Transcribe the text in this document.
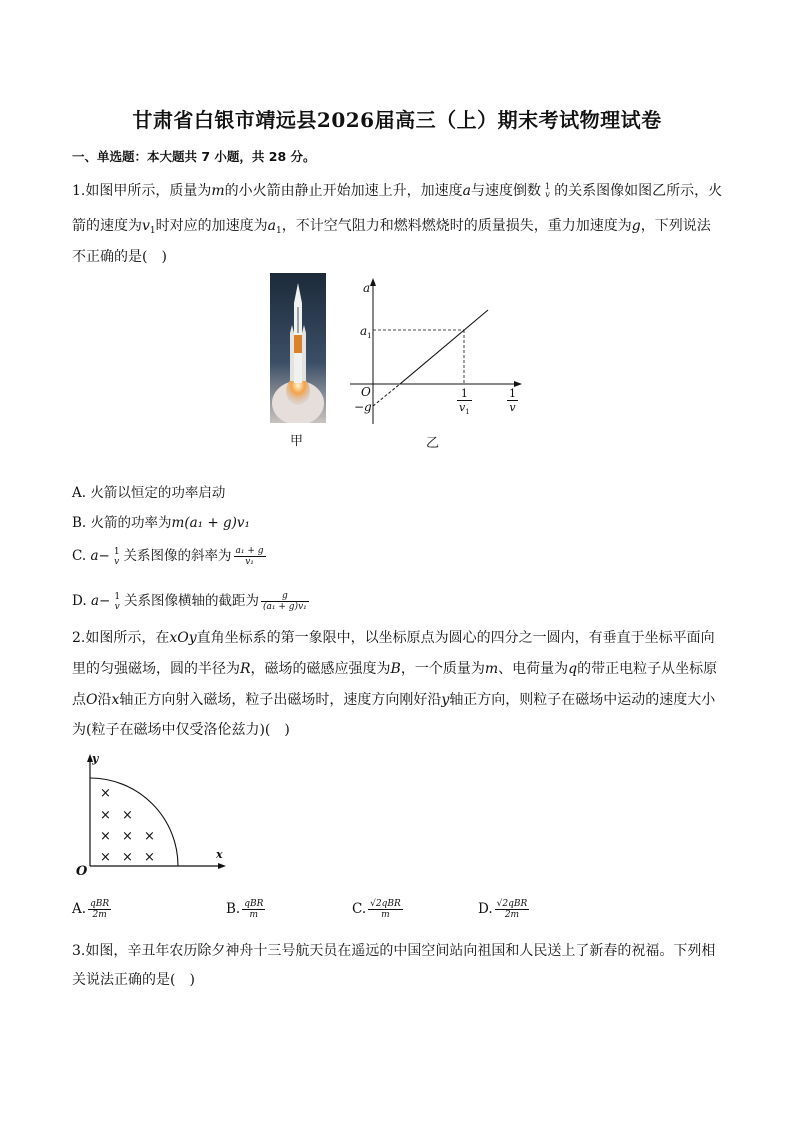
甘肃省白银市靖远县2026届高三（上）期末考试物理试卷
一、单选题：本大题共 7 小题，共 28 分。
1.如图甲所示，质量为m的小火箭由静止开始加速上升，加速度a与速度倒数 1
v 的关系图像如图乙所示，火
箭的速度为$v_1$时对应的加速度为$a_1$，不计空气阻力和燃料燃烧时的质量损失，重力加速度为g，下列说法
不正确的是(　)
甲
a
$a_1$
O
−g	$\frac{1}{v_1}$	$\frac{1}{v}$
乙
A. 火箭以恒定的功率启动
B. 火箭的功率为m(a₁ + g)v₁
C. a− 1
v 关系图像的斜率为 $\frac{\text{a₁ + g}}{\text{v₁}}$
D. a− 1
v 关系图像横轴的截距为 $\frac{g}{\text{(a₁ + g)v₁}}$
2.如图所示，在xOy直角坐标系的第一象限中，以坐标原点为圆心的四分之一圆内，有垂直于坐标平面向
里的匀强磁场，圆的半径为R，磁场的磁感应强度为B，一个质量为m、电荷量为q的带正电粒子从坐标原
点O沿x轴正方向射入磁场，粒子出磁场时，速度方向刚好沿y轴正方向，则粒子在磁场中运动的速度大小
为(粒子在磁场中仅受洛伦兹力)(　)
y
x
O
×
× ×
× × ×
× × ×
A. $\frac{\text{qBR}}{2m}$	B. $\frac{\text{qBR}}{m}$	C. $\frac{\text{√2qBR}}{m}$	D. $\frac{\text{√2qBR}}{2m}$
3.如图，辛丑年农历除夕神舟十三号航天员在遥远的中国空间站向祖国和人民送上了新春的祝福。下列相
关说法正确的是(　)
